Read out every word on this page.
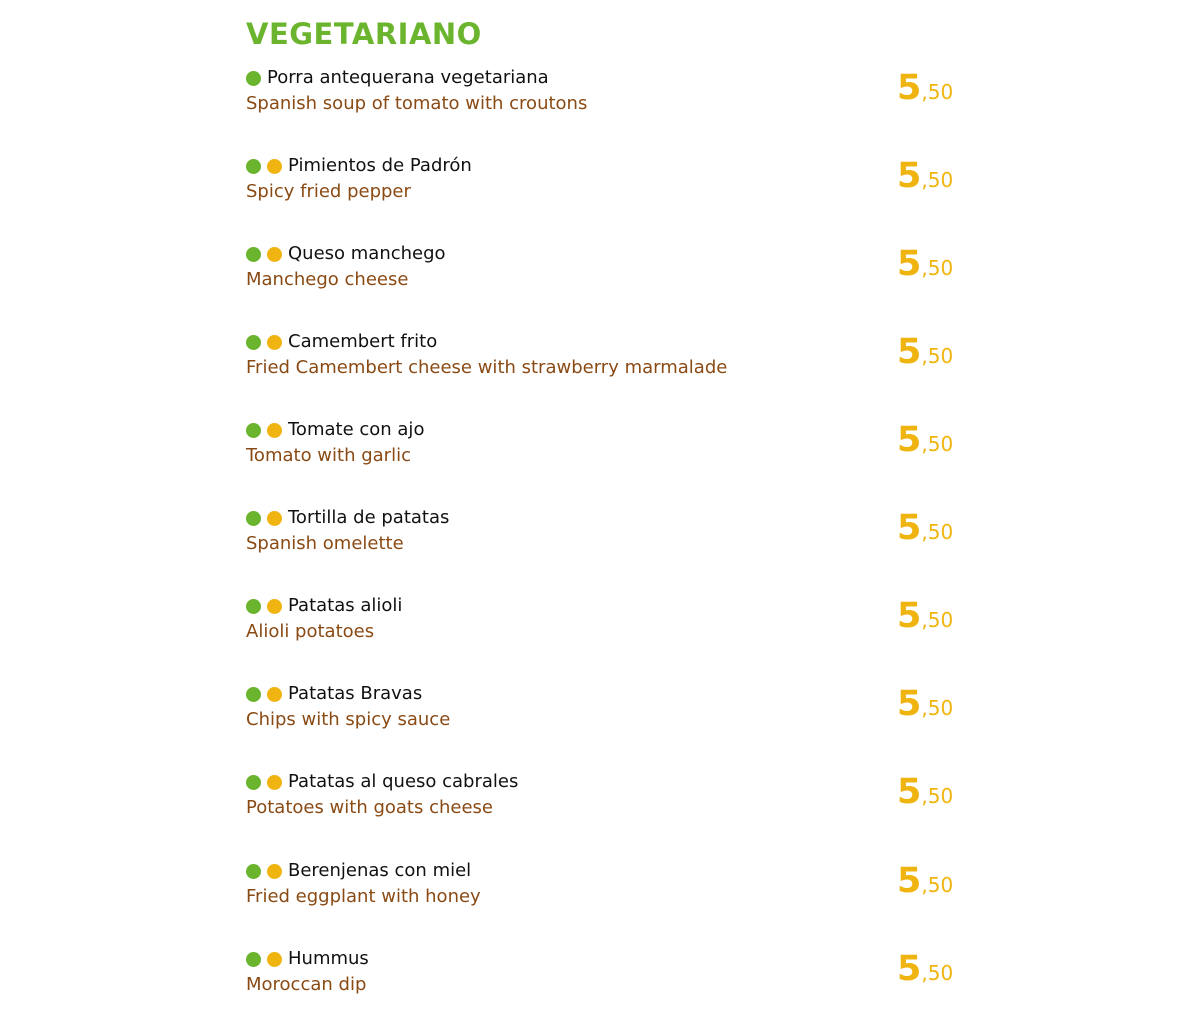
VEGETARIANO
Porra antequerana vegetariana
Spanish soup of tomato with croutons	5,50
Pimientos de Padrón
Spicy fried pepper	5,50
Queso manchego
Manchego cheese	5,50
Camembert frito
Fried Camembert cheese with strawberry marmalade	5,50
Tomate con ajo
Tomato with garlic	5,50
Tortilla de patatas
Spanish omelette	5,50
Patatas alioli
Alioli potatoes	5,50
Patatas Bravas
Chips with spicy sauce	5,50
Patatas al queso cabrales
Potatoes with goats cheese	5,50
Berenjenas con miel
Fried eggplant with honey	5,50
Hummus
Moroccan dip	5,50
